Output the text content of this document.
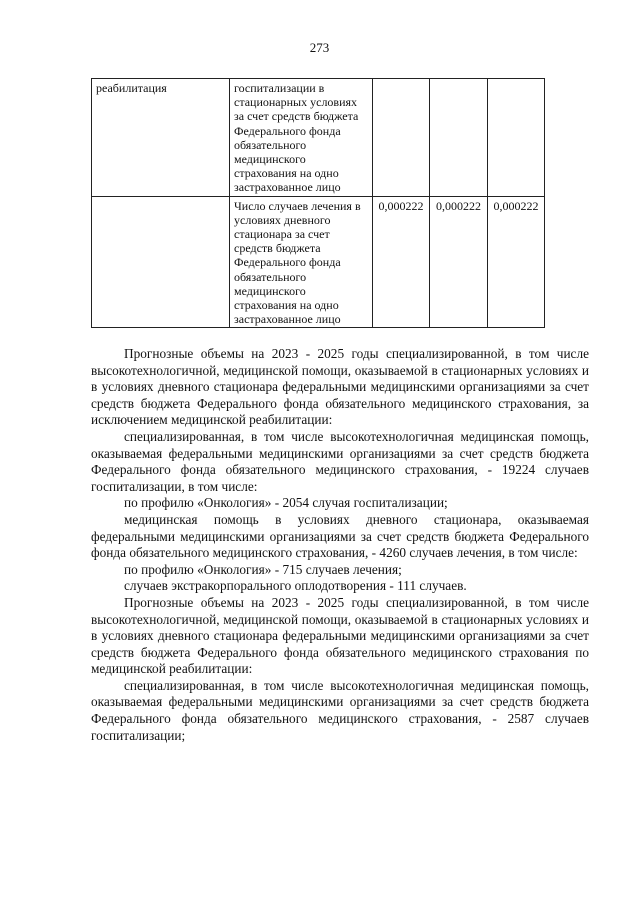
273
реабилитация	госпитализации в стационарных условиях за счет средств бюджета Федерального фонда обязательного медицинского страхования на одно застрахованное лицо			
	Число случаев лечения в условиях дневного стационара за счет средств бюджета Федерального фонда обязательного медицинского страхования на одно застрахованное лицо	0,000222	0,000222	0,000222

Прогнозные объемы на 2023 - 2025 годы специализированной, в том числе высокотехнологичной, медицинской помощи, оказываемой в стационарных условиях и в условиях дневного стационара федеральными медицинскими организациями за счет средств бюджета Федерального фонда обязательного медицинского страхования, за исключением медицинской реабилитации:

специализированная, в том числе высокотехнологичная медицинская помощь, оказываемая федеральными медицинскими организациями за счет средств бюджета Федерального фонда обязательного медицинского страхования, - 19224 случаев госпитализации, в том числе:

по профилю «Онкология» - 2054 случая госпитализации;

медицинская помощь в условиях дневного стационара, оказываемая федеральными медицинскими организациями за счет средств бюджета Федерального фонда обязательного медицинского страхования, - 4260 случаев лечения, в том числе:

по профилю «Онкология» - 715 случаев лечения;

случаев экстракорпорального оплодотворения - 111 случаев.

Прогнозные объемы на 2023 - 2025 годы специализированной, в том числе высокотехнологичной, медицинской помощи, оказываемой в стационарных условиях и в условиях дневного стационара федеральными медицинскими организациями за счет средств бюджета Федерального фонда обязательного медицинского страхования по медицинской реабилитации:

специализированная, в том числе высокотехнологичная медицинская помощь, оказываемая федеральными медицинскими организациями за счет средств бюджета Федерального фонда обязательного медицинского страхования, - 2587 случаев госпитализации;
